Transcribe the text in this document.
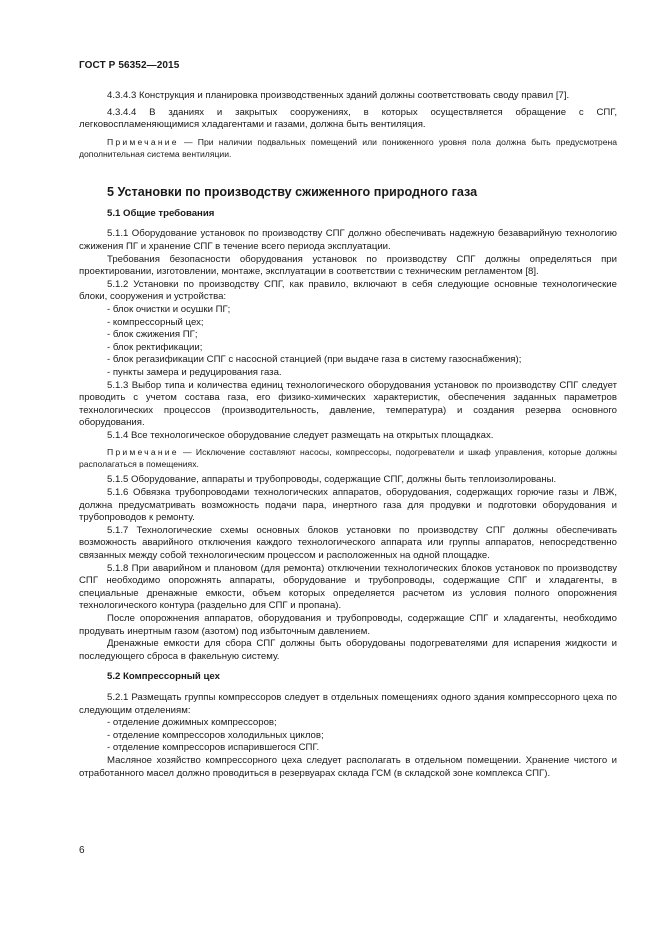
ГОСТ Р 56352—2015

4.3.4.3 Конструкция и планировка производственных зданий должны соответствовать своду правил [7].

4.3.4.4 В зданиях и закрытых сооружениях, в которых осуществляется обращение с СПГ, легковоспламеняющимися хладагентами и газами, должна быть вентиляция.

Примечание — При наличии подвальных помещений или пониженного уровня пола должна быть предусмотрена дополнительная система вентиляции.

5 Установки по производству сжиженного природного газа

5.1 Общие требования

5.1.1 Оборудование установок по производству СПГ должно обеспечивать надежную безаварийную технологию сжижения ПГ и хранение СПГ в течение всего периода эксплуатации.

Требования безопасности оборудования установок по производству СПГ должны определяться при проектировании, изготовлении, монтаже, эксплуатации в соответствии с техническим регламентом [8].

5.1.2 Установки по производству СПГ, как правило, включают в себя следующие основные технологические блоки, сооружения и устройства:

- блок очистки и осушки ПГ;

- компрессорный цех;

- блок сжижения ПГ;

- блок ректификации;

- блок регазификации СПГ с насосной станцией (при выдаче газа в систему газоснабжения);

- пункты замера и редуцирования газа.

5.1.3 Выбор типа и количества единиц технологического оборудования установок по производству СПГ следует проводить с учетом состава газа, его физико-химических характеристик, обеспечения заданных параметров технологических процессов (производительность, давление, температура) и создания резерва основного оборудования.

5.1.4 Все технологическое оборудование следует размещать на открытых площадках.

Примечание — Исключение составляют насосы, компрессоры, подогреватели и шкаф управления, которые должны располагаться в помещениях.

5.1.5 Оборудование, аппараты и трубопроводы, содержащие СПГ, должны быть теплоизолированы.

5.1.6 Обвязка трубопроводами технологических аппаратов, оборудования, содержащих горючие газы и ЛВЖ, должна предусматривать возможность подачи пара, инертного газа для продувки и подготовки оборудования и трубопроводов к ремонту.

5.1.7 Технологические схемы основных блоков установки по производству СПГ должны обеспечивать возможность аварийного отключения каждого технологического аппарата или группы аппаратов, непосредственно связанных между собой технологическим процессом и расположенных на одной площадке.

5.1.8 При аварийном и плановом (для ремонта) отключении технологических блоков установок по производству СПГ необходимо опорожнять аппараты, оборудование и трубопроводы, содержащие СПГ и хладагенты, в специальные дренажные емкости, объем которых определяется расчетом из условия полного опорожнения технологического контура (раздельно для СПГ и пропана).

После опорожнения аппаратов, оборудования и трубопроводы, содержащие СПГ и хладагенты, необходимо продувать инертным газом (азотом) под избыточным давлением.

Дренажные емкости для сбора СПГ должны быть оборудованы подогревателями для испарения жидкости и последующего сброса в факельную систему.

5.2 Компрессорный цех

5.2.1 Размещать группы компрессоров следует в отдельных помещениях одного здания компрессорного цеха по следующим отделениям:

- отделение дожимных компрессоров;

- отделение компрессоров холодильных циклов;

- отделение компрессоров испарившегося СПГ.

Масляное хозяйство компрессорного цеха следует располагать в отдельном помещении. Хранение чистого и отработанного масел должно проводиться в резервуарах склада ГСМ (в складской зоне комплекса СПГ).

6
